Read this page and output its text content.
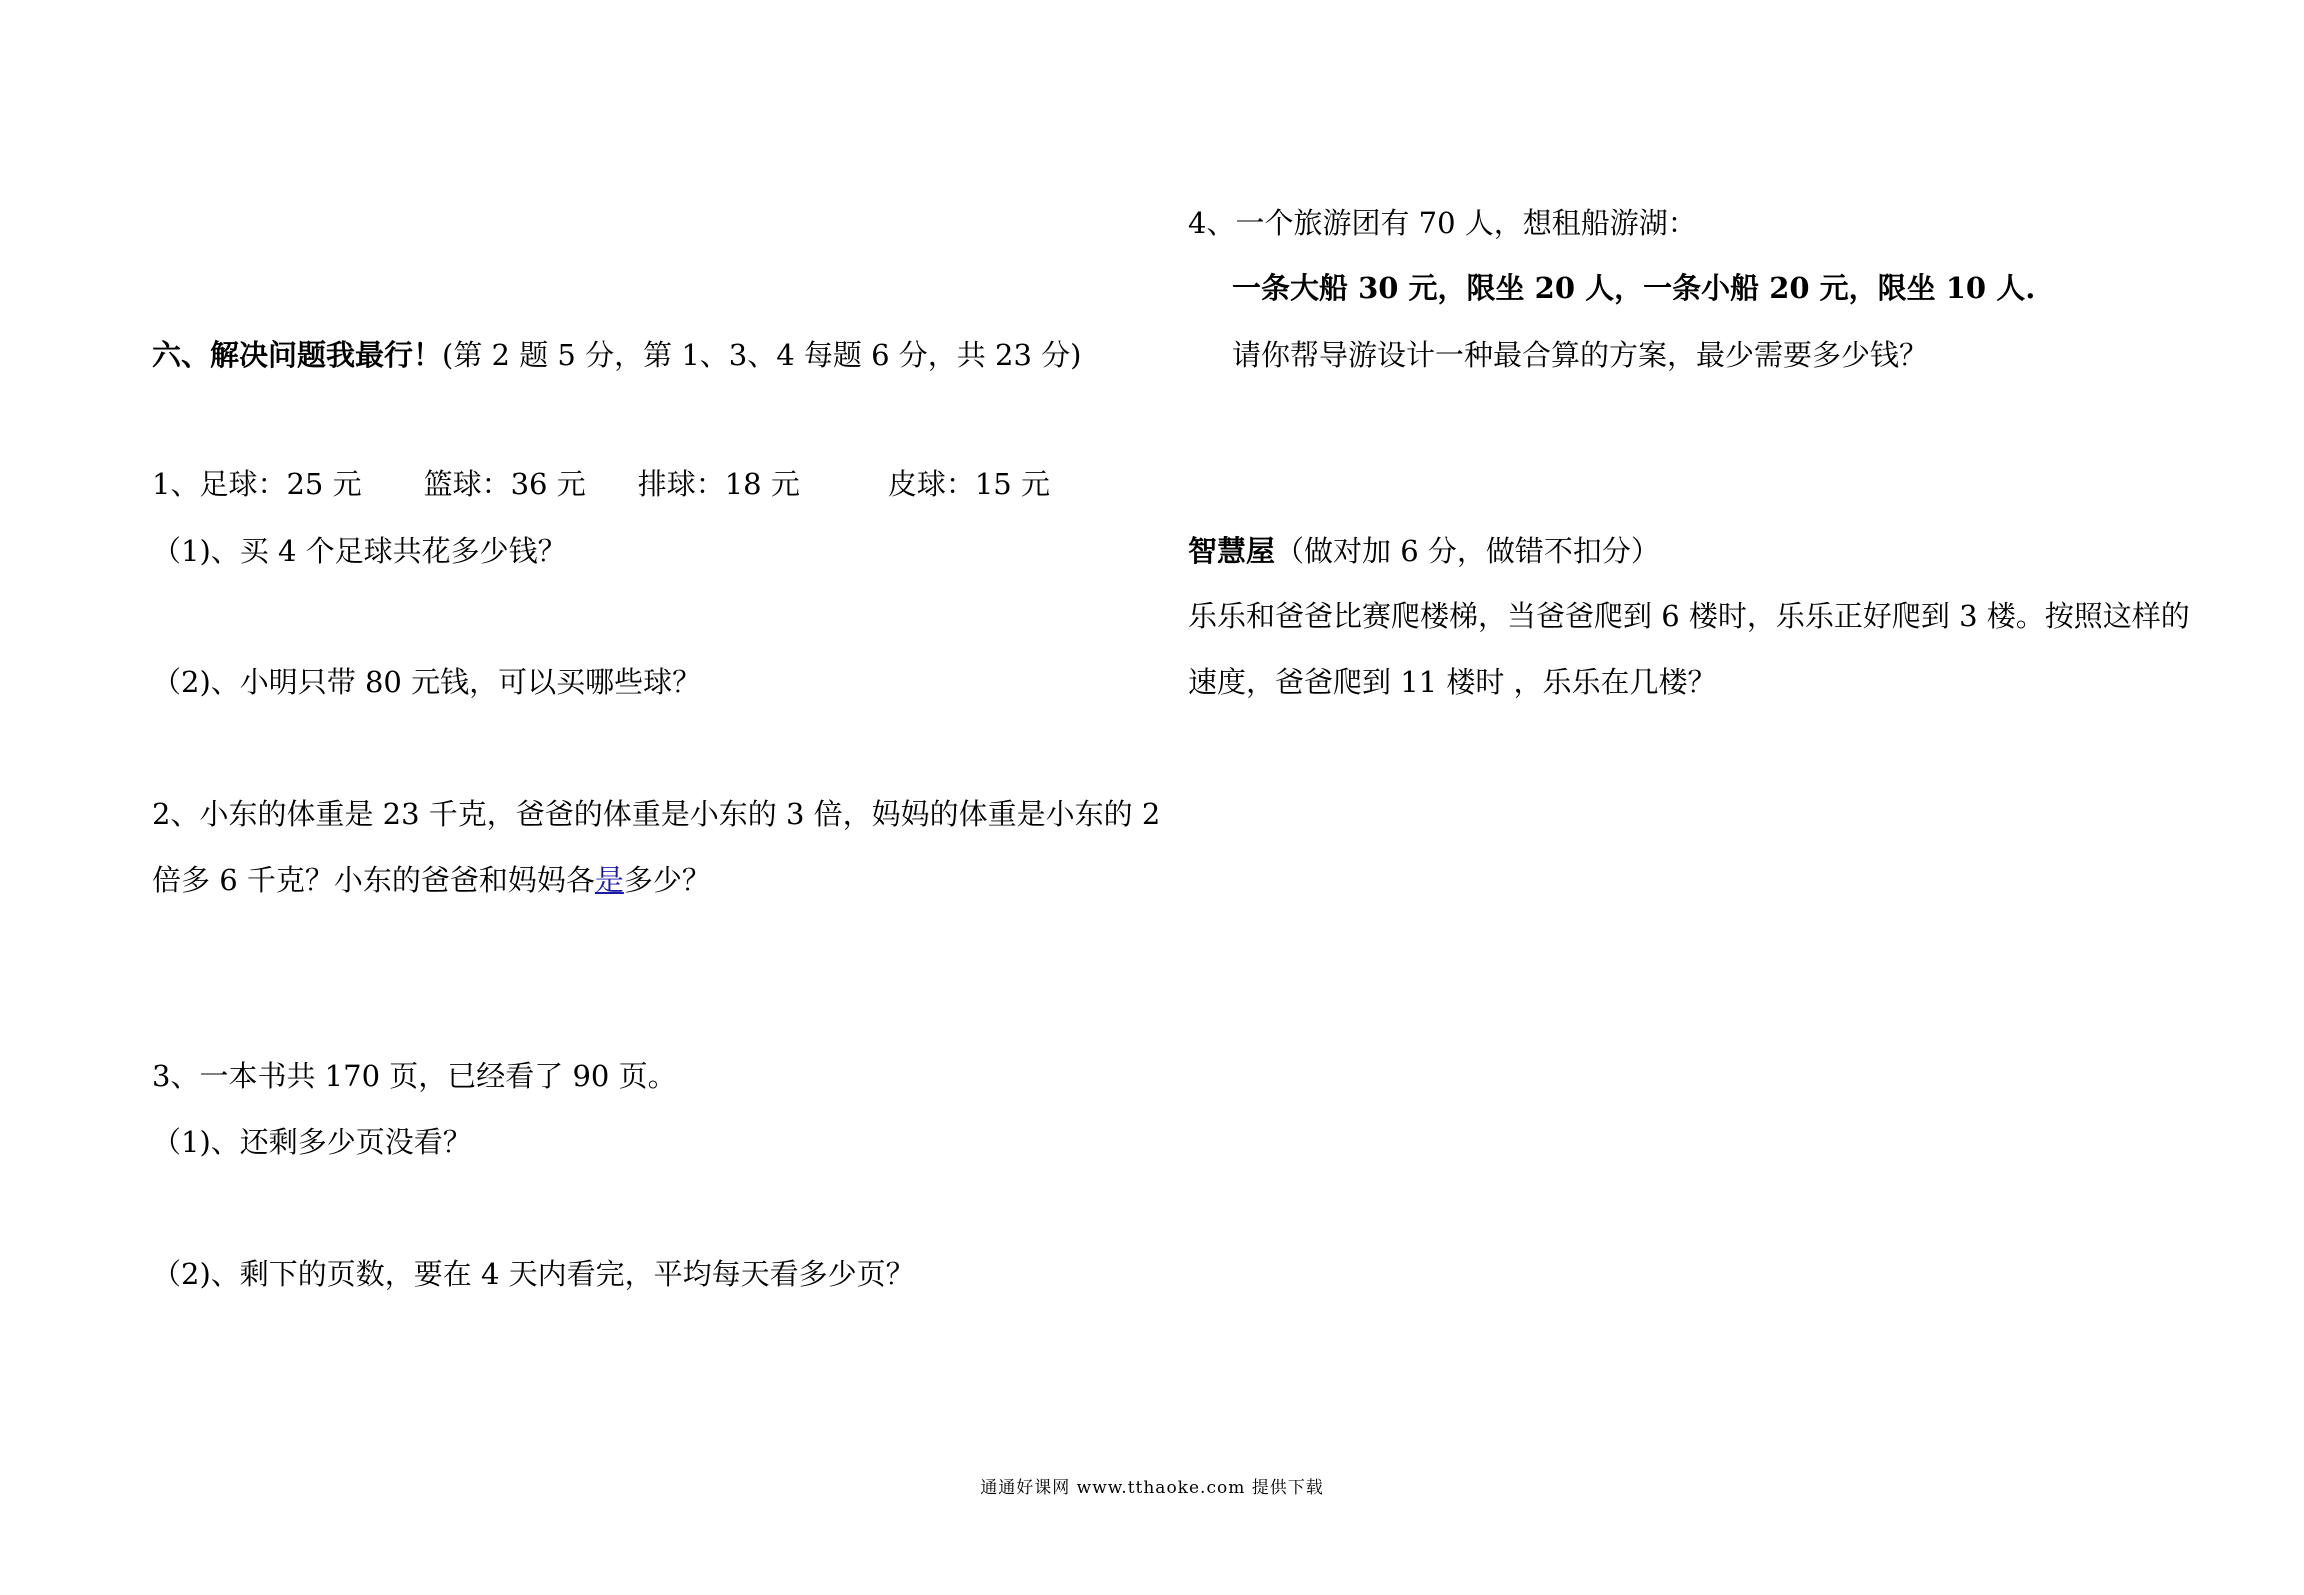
六、解决问题我最行！(第 2 题 5 分，第 1、3、4 每题 6 分，共 23 分)
1、足球：25 元 篮球：36 元 排球：18 元	皮球：15 元
（1)、买 4 个足球共花多少钱？
（2)、小明只带 80 元钱，可以买哪些球？
2、小东的体重是 23 千克，爸爸的体重是小东的 3 倍，妈妈的体重是小东的 2
倍多 6 千克？小东的爸爸和妈妈各是多少？
3、一本书共 170 页，已经看了 90 页。
（1)、还剩多少页没看？
（2)、剩下的页数，要在 4 天内看完，平均每天看多少页？
4、一个旅游团有 70 人，想租船游湖：
一条大船 30 元，限坐 20 人，一条小船 20 元，限坐 10 人.
请你帮导游设计一种最合算的方案，最少需要多少钱？
智慧屋（做对加 6 分，做错不扣分）
乐乐和爸爸比赛爬楼梯，当爸爸爬到 6 楼时，乐乐正好爬到 3 楼。按照这样的
速度，爸爸爬到 11 楼时 ，乐乐在几楼？
通通好课网 www.tthaoke.com 提供下载
